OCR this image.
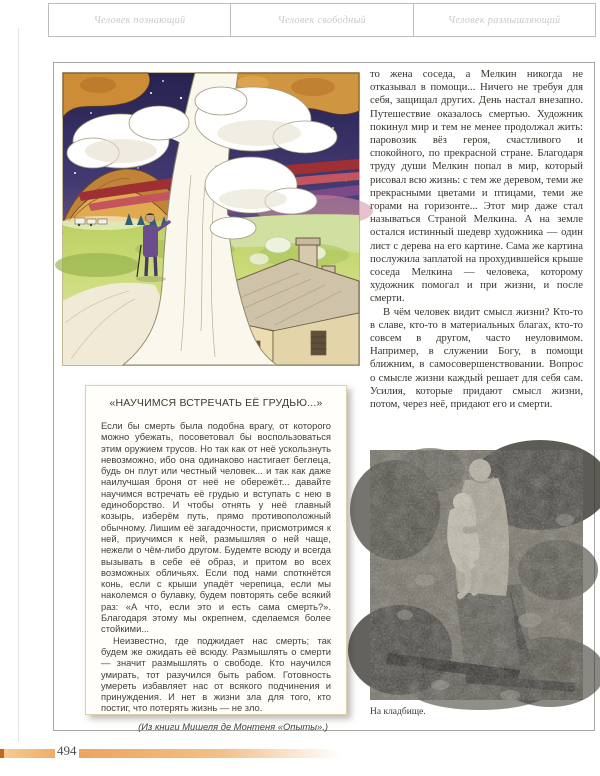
Человек познающий	Человек свободный	Человек размышляющий
«НАУЧИМСЯ ВСТРЕЧАТЬ ЕЁ ГРУДЬЮ...»

Если бы смерть была подобна врагу, от которого можно убежать, посоветовал бы воспользоваться этим оружием трусов. Но так как от неё ускользнуть невозможно, ибо она одинаково настигает беглеца, будь он плут или честный человек... и так как даже наилучшая броня от неё не обережёт... давайте научимся встречать её грудью и вступать с нею в единоборство. И чтобы отнять у неё главный козырь, изберём путь, прямо противоположный обычному. Лишим её загадочности, присмотримся к ней, приучимся к ней, размышляя о ней чаще, нежели о чём-либо другом. Будемте всюду и всегда вызывать в себе её образ, и притом во всех возможных обличьях. Если под нами споткнётся конь, если с крыши упадёт черепица, если мы наколемся о булавку, будем повторять себе всякий раз: «А что, если это и есть сама смерть?». Благодаря этому мы окрепнем, сделаемся более стойкими...

Неизвестно, где поджидает нас смерть; так будем же ожидать её всюду. Размышлять о смерти — значит размышлять о свободе. Кто научился умирать, тот разучился быть рабом. Готовность умереть избавляет нас от всякого подчинения и принуждения. И нет в жизни зла для того, кто постиг, что потерять жизнь — не зло.

(Из книги Мишеля де Монтеня «Опыты».)

то жена соседа, а Мелкин никогда не отказывал в помощи... Ничего не требуя для себя, защищал других. День настал внезапно. Путешествие оказалось смертью. Художник покинул мир и тем не менее продолжал жить: паровозик вёз героя, счастливого и спокойного, по прекрасной стране. Благодаря труду души Мелкин попал в мир, который рисовал всю жизнь: с тем же деревом, теми же прекрасными цветами и птицами, теми же горами на горизонте... Этот мир даже стал называться Страной Мелкина. А на земле остался истинный шедевр художника — один лист с дерева на его картине. Сама же картина послужила заплатой на прохудившейся крыше соседа Мелкина — человека, которому художник помогал и при жизни, и после смерти.

В чём человек видит смысл жизни? Кто-то в славе, кто-то в материальных благах, кто-то совсем в другом, часто неуловимом. Например, в служении Богу, в помощи ближним, в самосовершенствовании. Вопрос о смысле жизни каждый решает для себя сам. Усилия, которые придают смысл жизни, потом, через неё, придают его и смерти.

На кладбище.
494
